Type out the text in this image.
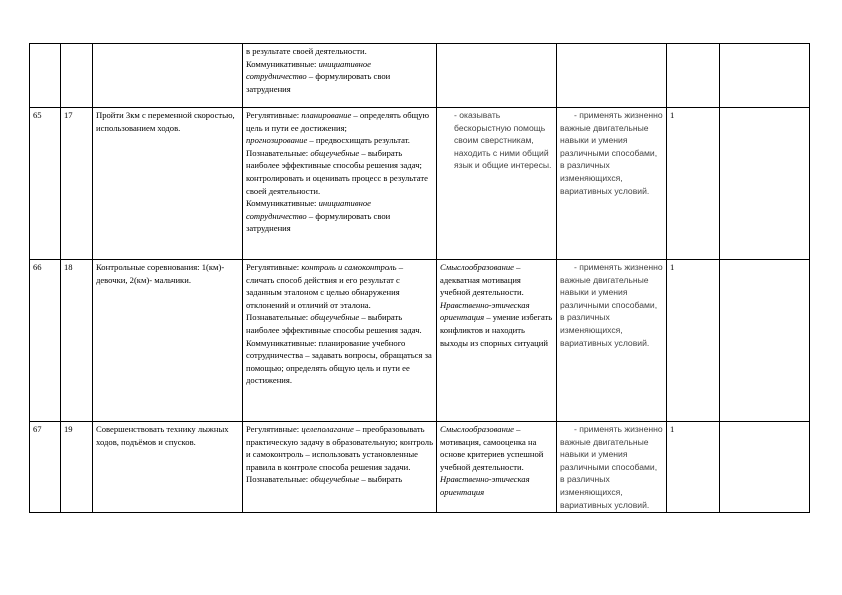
			в результате своей деятельности.
Коммуникативные: инициативное сотрудничество – формулировать свои затруднения				

65	17	Пройти 3км с переменной скоростью, использованием ходов.	Регулятивные: планирование – определять общую цель и пути ее достижения;
прогнозирование – предвосхищать результат.
Познавательные: общеучебные – выбирать наиболее эффективные способы решения задач; контролировать и оценивать процесс в результате своей деятельности.
Коммуникативные: инициативное сотрудничество – формулировать свои затруднения	- оказывать бескорыстную помощь своим сверстникам, находить с ними общий язык и общие интересы.	- применять жизненно важные двигательные навыки и умения различными способами, в различных изменяющихся, вариативных условий.	1	
66	18	Контрольные соревнования: 1(км)-девочки, 2(км)- мальчики.	Регулятивные: контроль и самоконтроль – сличать способ действия и его результат с заданным эталоном с целью обнаружения отклонений и отличий от эталона.
Познавательные: общеучебные – выбирать наиболее эффективные способы решения задач. Коммуникативные: планирование учебного сотрудничества – задавать вопросы, обращаться за помощью; определять общую цель и пути ее достижения.	Смыслообразование – адекватная мотивация учебной деятельности.
Нравственно-этическая ориентация – умение избегать конфликтов и находить выходы из спорных ситуаций	- применять жизненно важные двигательные навыки и умения различными способами, в различных изменяющихся, вариативных условий.	1	
67	19	Совершенствовать технику лыжных ходов, подъёмов и спусков.	Регулятивные: целеполагание – преобразовывать практическую задачу в образовательную; контроль и самоконтроль – использовать установленные правила в контроле способа решения задачи.
Познавательные: общеучебные – выбирать	Смыслообразование – мотивация, самооценка на основе критериев успешной учебной деятельности.
Нравственно-этическая ориентация	- применять жизненно важные двигательные навыки и умения различными способами, в различных изменяющихся, вариативных условий.	1	
